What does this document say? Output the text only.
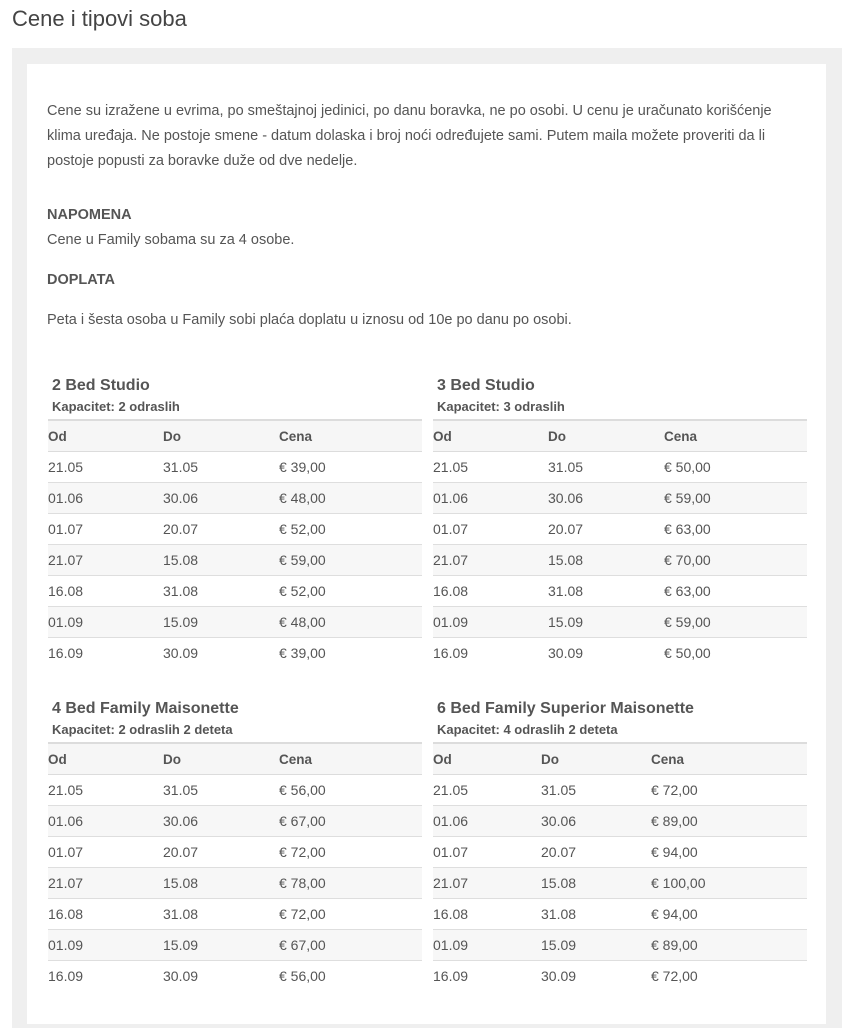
Cene i tipovi soba

Cene su izražene u evrima, po smeštajnoj jedinici, po danu boravka, ne po osobi. U cenu je uračunato korišćenje klima uređaja. Ne postoje smene - datum dolaska i broj noći određujete sami. Putem maila možete proveriti da li postoje popusti za boravke duže od dve nedelje.

NAPOMENA

Cene u Family sobama su za 4 osobe.

DOPLATA

Peta i šesta osoba u Family sobi plaća doplatu u iznosu od 10e po danu po osobi.

2 Bed Studio

Kapacitet: 2 odraslih

Od	Do	Cena
21.05	31.05	€ 39,00
01.06	30.06	€ 48,00
01.07	20.07	€ 52,00
21.07	15.08	€ 59,00
16.08	31.08	€ 52,00
01.09	15.09	€ 48,00
16.09	30.09	€ 39,00
3 Bed Studio

Kapacitet: 3 odraslih

Od	Do	Cena
21.05	31.05	€ 50,00
01.06	30.06	€ 59,00
01.07	20.07	€ 63,00
21.07	15.08	€ 70,00
16.08	31.08	€ 63,00
01.09	15.09	€ 59,00
16.09	30.09	€ 50,00
4 Bed Family Maisonette

Kapacitet: 2 odraslih 2 deteta

Od	Do	Cena
21.05	31.05	€ 56,00
01.06	30.06	€ 67,00
01.07	20.07	€ 72,00
21.07	15.08	€ 78,00
16.08	31.08	€ 72,00
01.09	15.09	€ 67,00
16.09	30.09	€ 56,00
6 Bed Family Superior Maisonette

Kapacitet: 4 odraslih 2 deteta

Od	Do	Cena
21.05	31.05	€ 72,00
01.06	30.06	€ 89,00
01.07	20.07	€ 94,00
21.07	15.08	€ 100,00
16.08	31.08	€ 94,00
01.09	15.09	€ 89,00
16.09	30.09	€ 72,00
